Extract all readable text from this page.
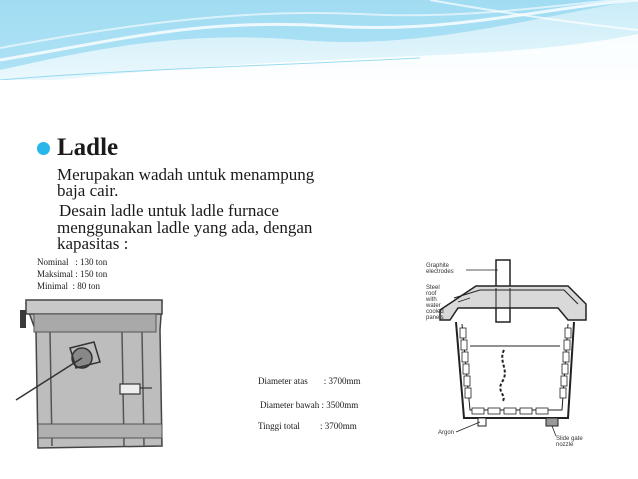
Ladle
Merupakan wadah untuk menampung
baja cair.
Desain ladle untuk ladle furnace
menggunakan ladle yang ada, dengan
kapasitas :
Nominal : 130 ton
Maksimal : 150 ton
Minimal : 80 ton
Diameter atas : 3700mm
Diameter bawah : 3500mm
Tinggi total : 3700mm
Graphite
electrodes
Steel
roof
with
water
cooled
panels
Argon
Slide gate
nozzle
